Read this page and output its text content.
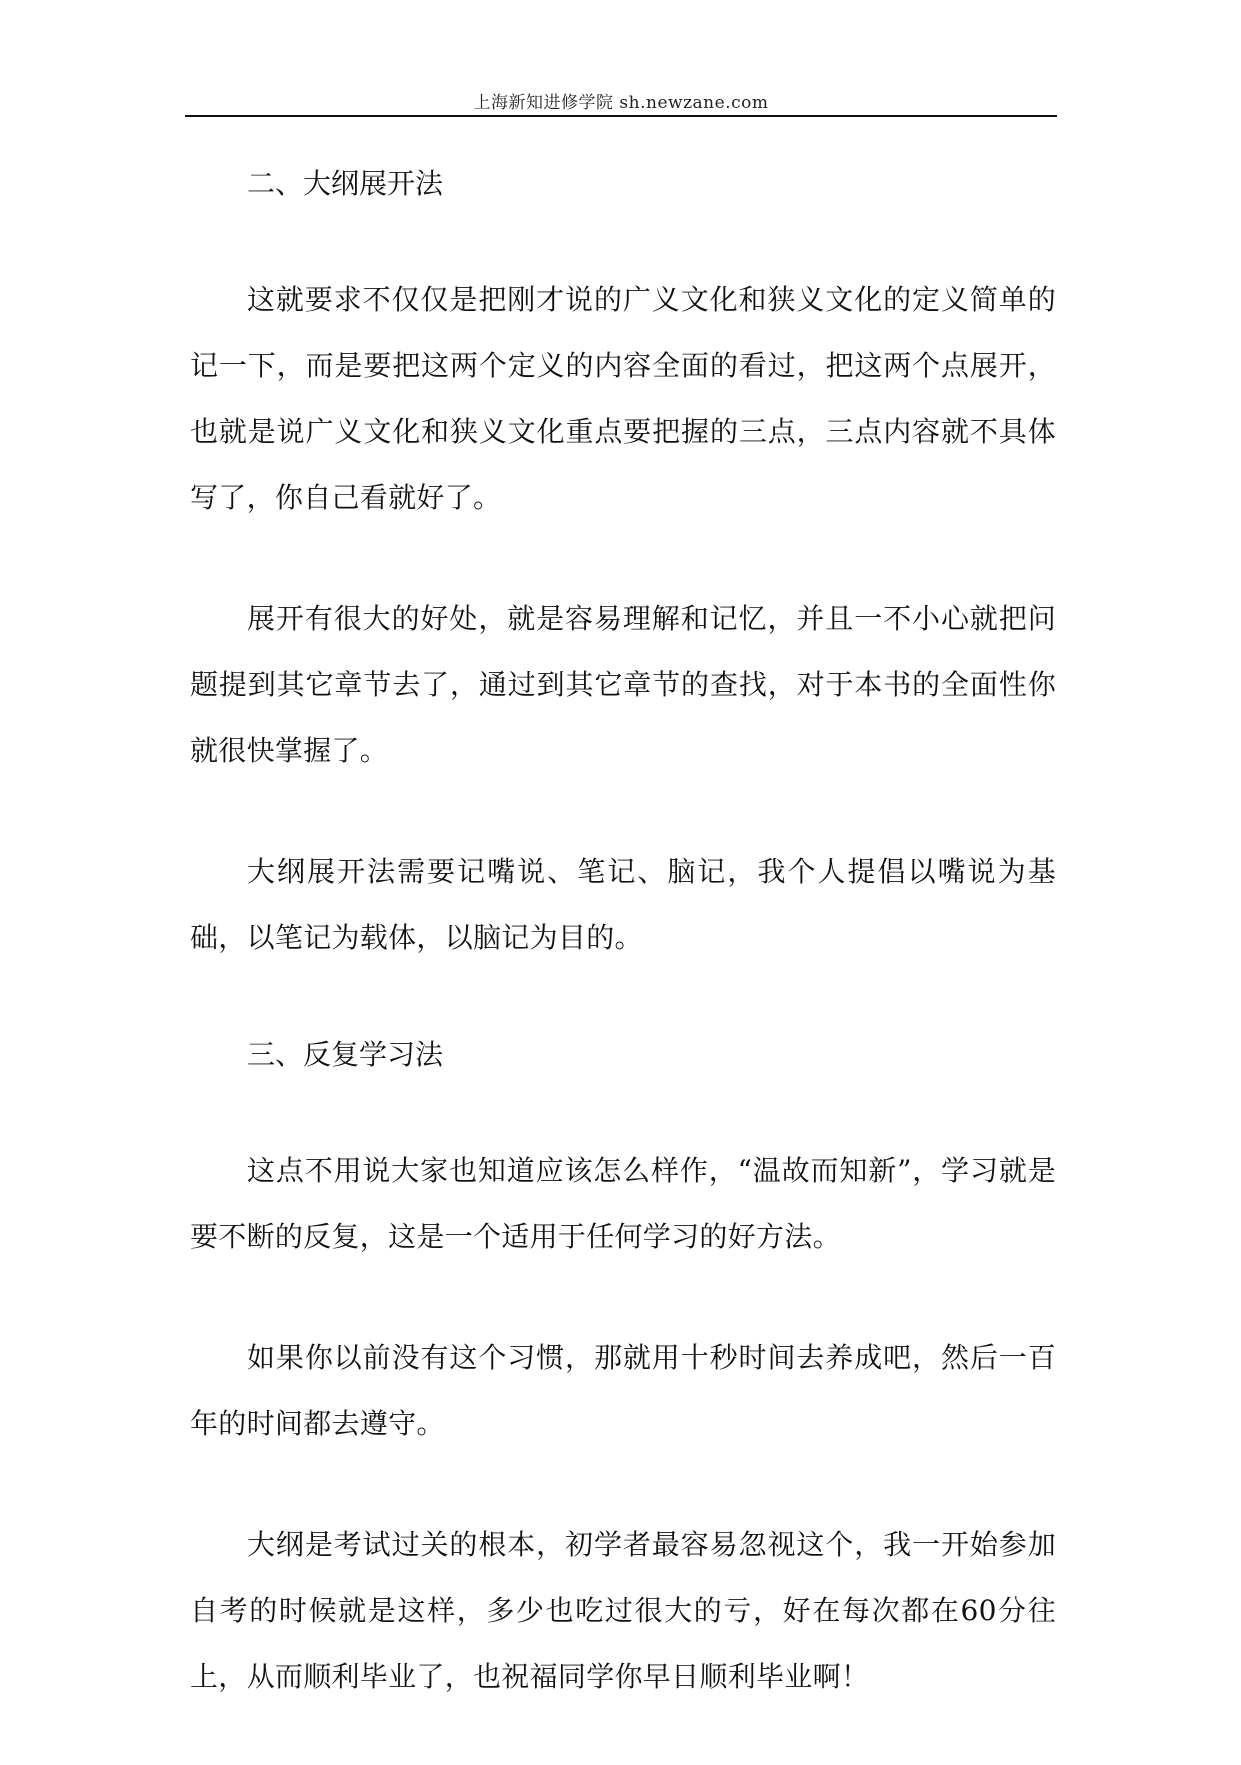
上海新知进修学院 sh.newzane.com
二、大纲展开法

这就要求不仅仅是把刚才说的广义文化和狭义文化的定义简单的记一下，而是要把这两个定义的内容全面的看过，把这两个点展开，也就是说广义文化和狭义文化重点要把握的三点，三点内容就不具体写了，你自己看就好了。

展开有很大的好处，就是容易理解和记忆，并且一不小心就把问题提到其它章节去了，通过到其它章节的查找，对于本书的全面性你就很快掌握了。

大纲展开法需要记嘴说、笔记、脑记，我个人提倡以嘴说为基础，以笔记为载体，以脑记为目的。

三、反复学习法

这点不用说大家也知道应该怎么样作，“温故而知新”，学习就是要不断的反复，这是一个适用于任何学习的好方法。

如果你以前没有这个习惯，那就用十秒时间去养成吧，然后一百年的时间都去遵守。

大纲是考试过关的根本，初学者最容易忽视这个，我一开始参加自考的时候就是这样，多少也吃过很大的亏，好在每次都在60分往上，从而顺利毕业了，也祝福同学你早日顺利毕业啊！
